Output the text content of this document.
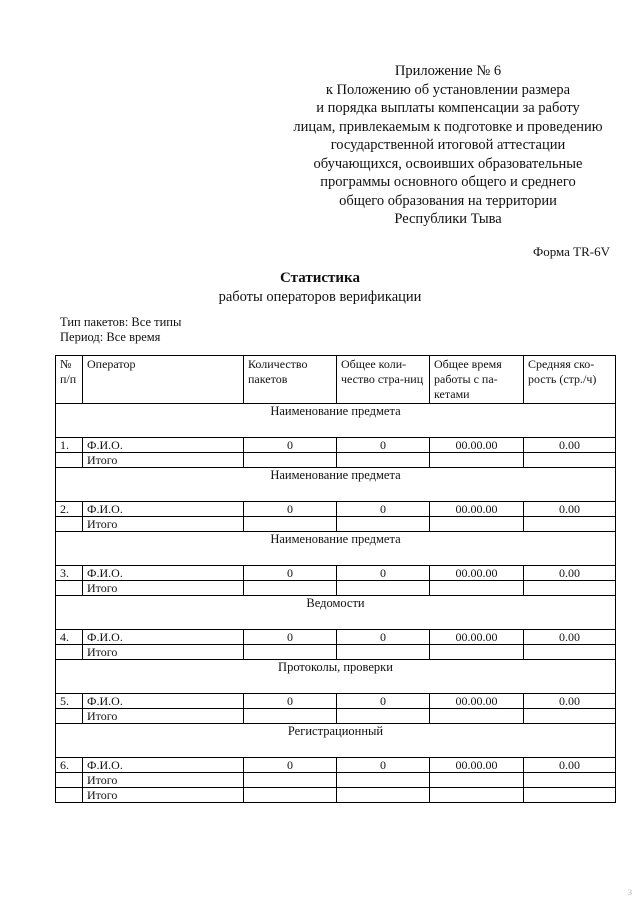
Приложение № 6
к Положению об установлении размера
и порядка выплаты компенсации за работу
лицам, привлекаемым к подготовке и проведению
государственной итоговой аттестации
обучающихся, освоивших образовательные
программы основного общего и среднего
общего образования на территории
Республики Тыва
Форма TR-6V
Статистика
работы операторов верификации
Тип пакетов: Все типы
Период: Все время
№ п/п	Оператор	Количество пакетов	Общее коли-чество стра-ниц	Общее время работы с па-кетами	Средняя ско-рость (стр./ч)
Наименование предмета					
1.	Ф.И.О.	0	0	00.00.00	0.00
	Итого				
Наименование предмета					
2.	Ф.И.О.	0	0	00.00.00	0.00
	Итого				
Наименование предмета					
3.	Ф.И.О.	0	0	00.00.00	0.00
	Итого				
Ведомости					
4.	Ф.И.О.	0	0	00.00.00	0.00
	Итого				
Протоколы, проверки					
5.	Ф.И.О.	0	0	00.00.00	0.00
	Итого				
Регистрационный					
6.	Ф.И.О.	0	0	00.00.00	0.00
	Итого				
	Итого				
3
